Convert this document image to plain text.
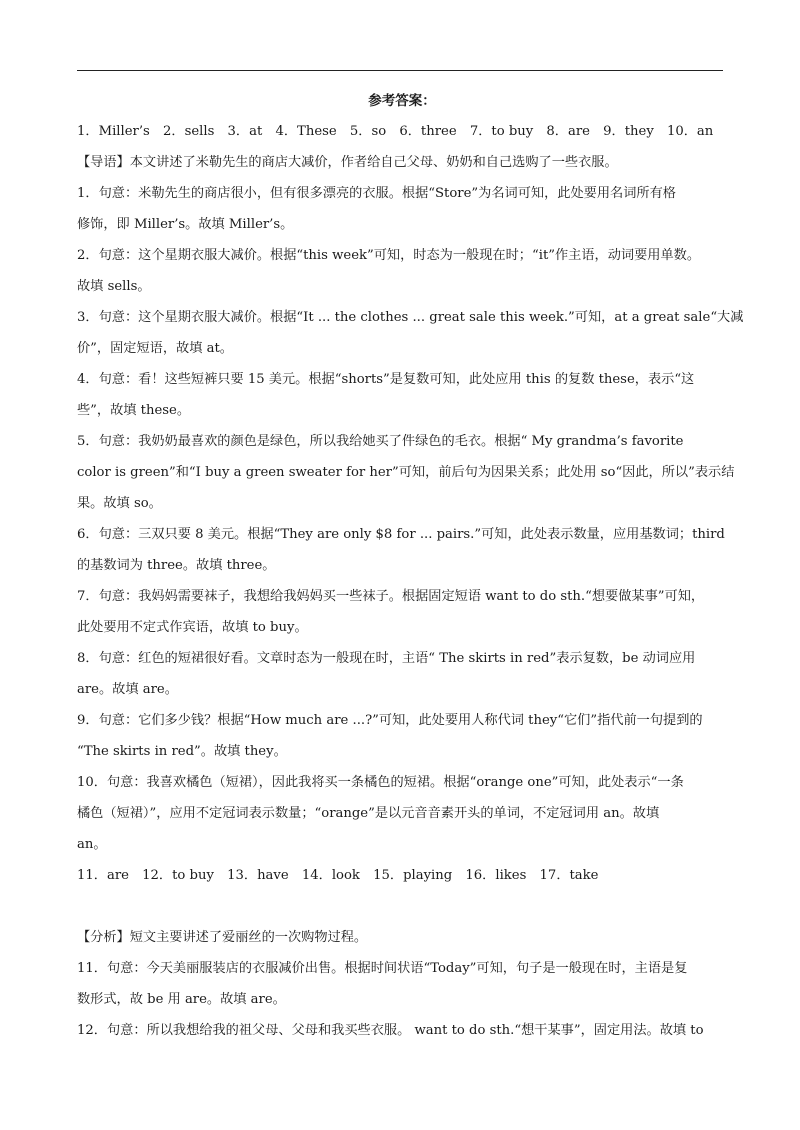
参考答案：
1．Miller’s　2．sells　3．at　4．These　5．so　6．three　7．to buy　8．are　9．they　10．an
【导语】本文讲述了米勒先生的商店大减价，作者给自己父母、奶奶和自己选购了一些衣服。
1．句意：米勒先生的商店很小，但有很多漂亮的衣服。根据“Store”为名词可知，此处要用名词所有格
修饰，即 Miller’s。故填 Miller’s。
2．句意：这个星期衣服大减价。根据“this week”可知，时态为一般现在时；“it”作主语，动词要用单数。
故填 sells。
3．句意：这个星期衣服大减价。根据“It ... the clothes ... great sale this week.”可知，at a great sale“大减
价”，固定短语，故填 at。
4．句意：看！这些短裤只要 15 美元。根据“shorts”是复数可知，此处应用 this 的复数 these，表示“这
些”，故填 these。
5．句意：我奶奶最喜欢的颜色是绿色，所以我给她买了件绿色的毛衣。根据“ My grandma’s favorite
color is green”和“I buy a green sweater for her”可知，前后句为因果关系；此处用 so“因此，所以”表示结
果。故填 so。
6．句意：三双只要 8 美元。根据“They are only $8 for ... pairs.”可知，此处表示数量，应用基数词；third
的基数词为 three。故填 three。
7．句意：我妈妈需要袜子，我想给我妈妈买一些袜子。根据固定短语 want to do sth.“想要做某事”可知，
此处要用不定式作宾语，故填 to buy。
8．句意：红色的短裙很好看。文章时态为一般现在时，主语“ The skirts in red”表示复数，be 动词应用
are。故填 are。
9．句意：它们多少钱？根据“How much are ...?”可知，此处要用人称代词 they“它们”指代前一句提到的
“The skirts in red”。故填 they。
10．句意：我喜欢橘色（短裙），因此我将买一条橘色的短裙。根据“orange one”可知，此处表示“一条
橘色（短裙）”，应用不定冠词表示数量；“orange”是以元音音素开头的单词，不定冠词用 an。故填
an。
11．are　12．to buy　13．have　14．look　15．playing　16．likes　17．take
【分析】短文主要讲述了爱丽丝的一次购物过程。
11．句意：今天美丽服装店的衣服减价出售。根据时间状语“Today”可知，句子是一般现在时，主语是复
数形式，故 be 用 are。故填 are。
12．句意：所以我想给我的祖父母、父母和我买些衣服。 want to do sth.“想干某事”，固定用法。故填 to
